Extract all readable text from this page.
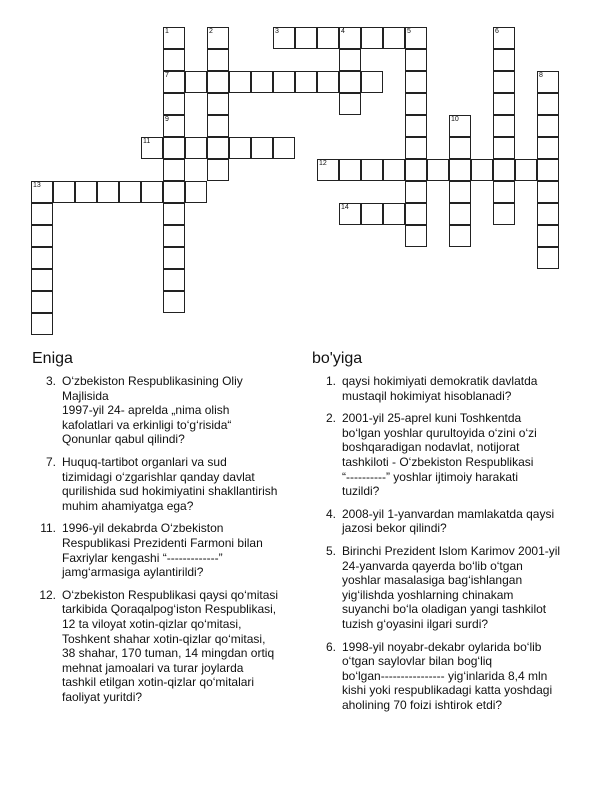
1
7
9
2	3	4	5	6
8
10
11
12
13
14
Eniga
3. O‘zbekiston Respublikasining Oliy
Majlisida
1997-yil 24- aprelda „nima olish
kafolatlari va erkinligi to‘g‘risida“
Qonunlar qabul qilindi?
7. Huquq-tartibot organlari va sud
tizimidagi o‘zgarishlar qanday davlat
qurilishida sud hokimiyatini shakllantirish
muhim ahamiyatga ega?
11. 1996-yil dekabrda O‘zbekiston
Respublikasi Prezidenti Farmoni bilan
Faxriylar kengashi “-------------”
jamg‘armasiga aylantirildi?
12. O‘zbekiston Respublikasi qaysi qo‘mitasi
tarkibida Qoraqalpog‘iston Respublikasi,
12 ta viloyat xotin-qizlar qo‘mitasi,
Toshkent shahar xotin-qizlar qo‘mitasi,
38 shahar, 170 tuman, 14 mingdan ortiq
mehnat jamoalari va turar joylarda
tashkil etilgan xotin-qizlar qo‘mitalari
faoliyat yuritdi?
bo'yiga
1. qaysi hokimiyati demokratik davlatda
mustaqil hokimiyat hisoblanadi?
2. 2001-yil 25-aprel kuni Toshkentda
bo‘lgan yoshlar qurultoyida o‘zini o‘zi
boshqaradigan nodavlat, notijorat
tashkiloti - O‘zbekiston Respublikasi
“----------” yoshlar ijtimoiy harakati
tuzildi?
4. 2008-yil 1-yanvardan mamlakatda qaysi
jazosi bekor qilindi?
5. Birinchi Prezident Islom Karimov 2001-yil
24-yanvarda qayerda bo‘lib o‘tgan
yoshlar masalasiga bag‘ishlangan
yig‘ilishda yoshlarning chinakam
suyanchi bo‘la oladigan yangi tashkilot
tuzish g‘oyasini ilgari surdi?
6. 1998-yil noyabr-dekabr oylarida bo‘lib
o‘tgan saylovlar bilan bog‘liq
bo‘lgan---------------- yig‘inlarida 8,4 mln
kishi yoki respublikadagi katta yoshdagi
aholining 70 foizi ishtirok etdi?
